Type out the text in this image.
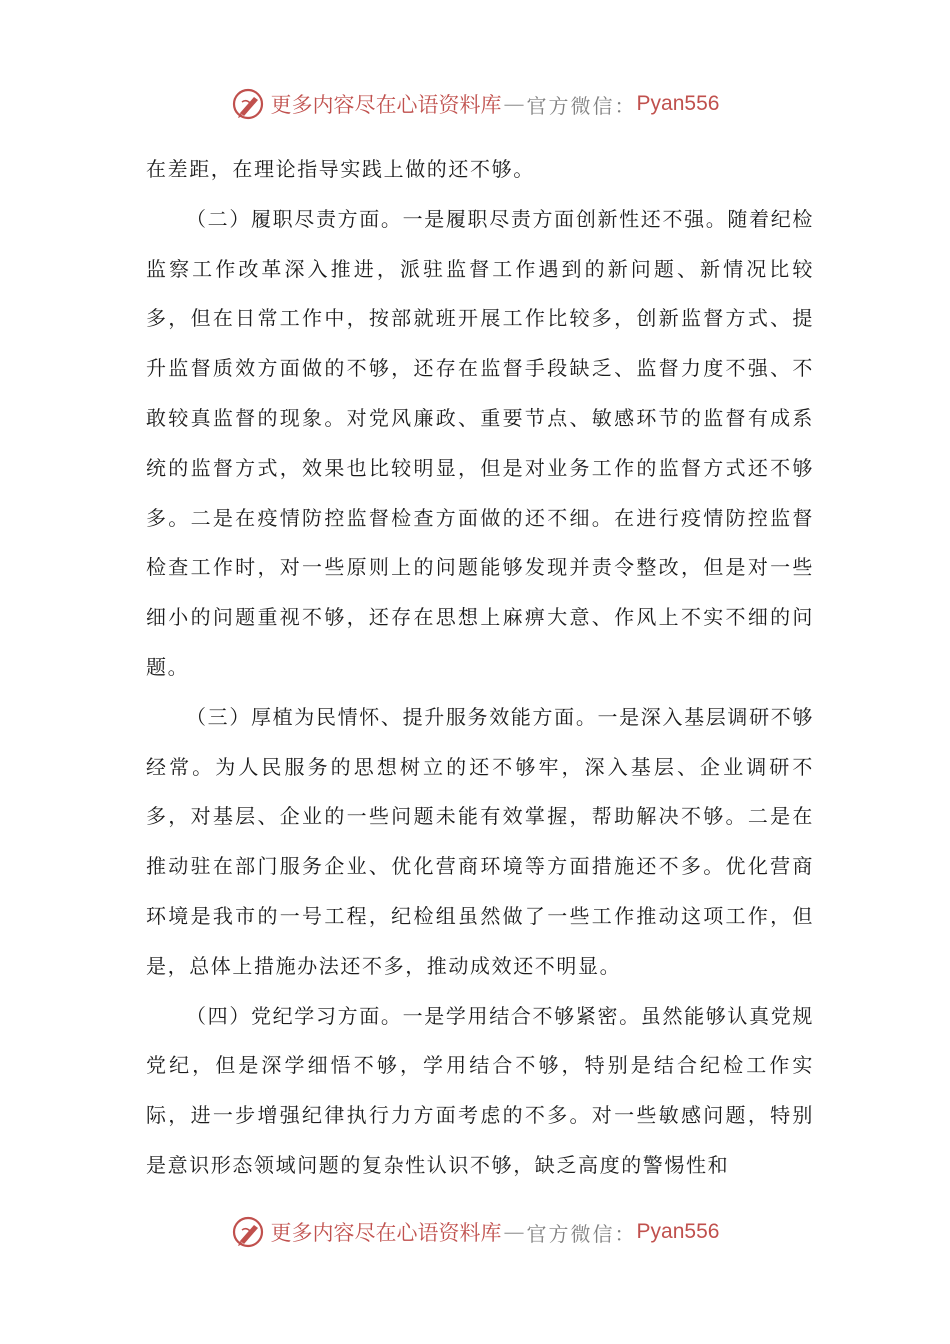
更多内容尽在心语资料库 — 官方微信： Pyan556

在差距，在理论指导实践上做的还不够。

（二）履职尽责方面。一是履职尽责方面创新性还不强。随着纪检监察工作改革深入推进，派驻监督工作遇到的新问题、新情况比较多，但在日常工作中，按部就班开展工作比较多，创新监督方式、提升监督质效方面做的不够，还存在监督手段缺乏、监督力度不强、不敢较真监督的现象。对党风廉政、重要节点、敏感环节的监督有成系统的监督方式，效果也比较明显，但是对业务工作的监督方式还不够多。二是在疫情防控监督检查方面做的还不细。在进行疫情防控监督检查工作时，对一些原则上的问题能够发现并责令整改，但是对一些细小的问题重视不够，还存在思想上麻痹大意、作风上不实不细的问题。

（三）厚植为民情怀、提升服务效能方面。一是深入基层调研不够经常。为人民服务的思想树立的还不够牢，深入基层、企业调研不多，对基层、企业的一些问题未能有效掌握，帮助解决不够。二是在推动驻在部门服务企业、优化营商环境等方面措施还不多。优化营商环境是我市的一号工程，纪检组虽然做了一些工作推动这项工作，但是，总体上措施办法还不多，推动成效还不明显。

（四）党纪学习方面。一是学用结合不够紧密。虽然能够认真党规党纪，但是深学细悟不够，学用结合不够，特别是结合纪检工作实际，进一步增强纪律执行力方面考虑的不多。对一些敏感问题，特别是意识形态领域问题的复杂性认识不够，缺乏高度的警惕性和

更多内容尽在心语资料库 — 官方微信： Pyan556
